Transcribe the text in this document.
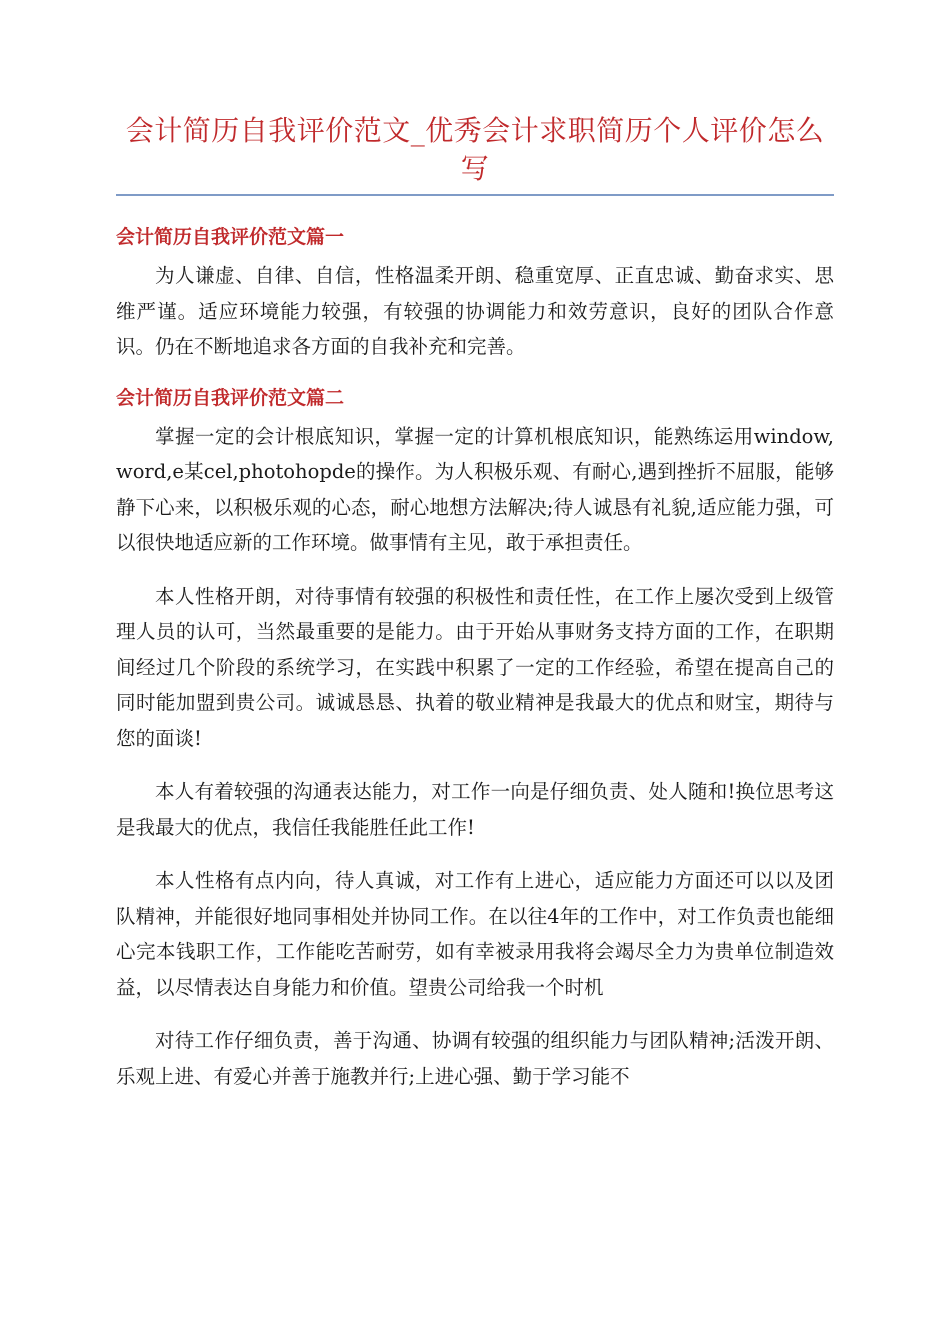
会计简历自我评价范文_优秀会计求职简历个人评价怎么写
会计简历自我评价范文篇一

为人谦虚、自律、自信，性格温柔开朗、稳重宽厚、正直忠诚、勤奋求实、思维严谨。适应环境能力较强，有较强的协调能力和效劳意识，良好的团队合作意识。仍在不断地追求各方面的自我补充和完善。

会计简历自我评价范文篇二

掌握一定的会计根底知识，掌握一定的计算机根底知识，能熟练运用window,word,e某cel,photohopde的操作。为人积极乐观、有耐心,遇到挫折不屈服，能够静下心来，以积极乐观的心态，耐心地想方法解决;待人诚恳有礼貌,适应能力强，可以很快地适应新的工作环境。做事情有主见，敢于承担责任。

本人性格开朗，对待事情有较强的积极性和责任性，在工作上屡次受到上级管理人员的认可，当然最重要的是能力。由于开始从事财务支持方面的工作，在职期间经过几个阶段的系统学习，在实践中积累了一定的工作经验，希望在提高自己的同时能加盟到贵公司。诚诚恳恳、执着的敬业精神是我最大的优点和财宝，期待与您的面谈!

本人有着较强的沟通表达能力，对工作一向是仔细负责、处人随和!换位思考这是我最大的优点，我信任我能胜任此工作!

本人性格有点内向，待人真诚，对工作有上进心，适应能力方面还可以以及团队精神，并能很好地同事相处并协同工作。在以往4年的工作中，对工作负责也能细心完本钱职工作，工作能吃苦耐劳，如有幸被录用我将会竭尽全力为贵单位制造效益，以尽情表达自身能力和价值。望贵公司给我一个时机

对待工作仔细负责，善于沟通、协调有较强的组织能力与团队精神;活泼开朗、乐观上进、有爱心并善于施教并行;上进心强、勤于学习能不
